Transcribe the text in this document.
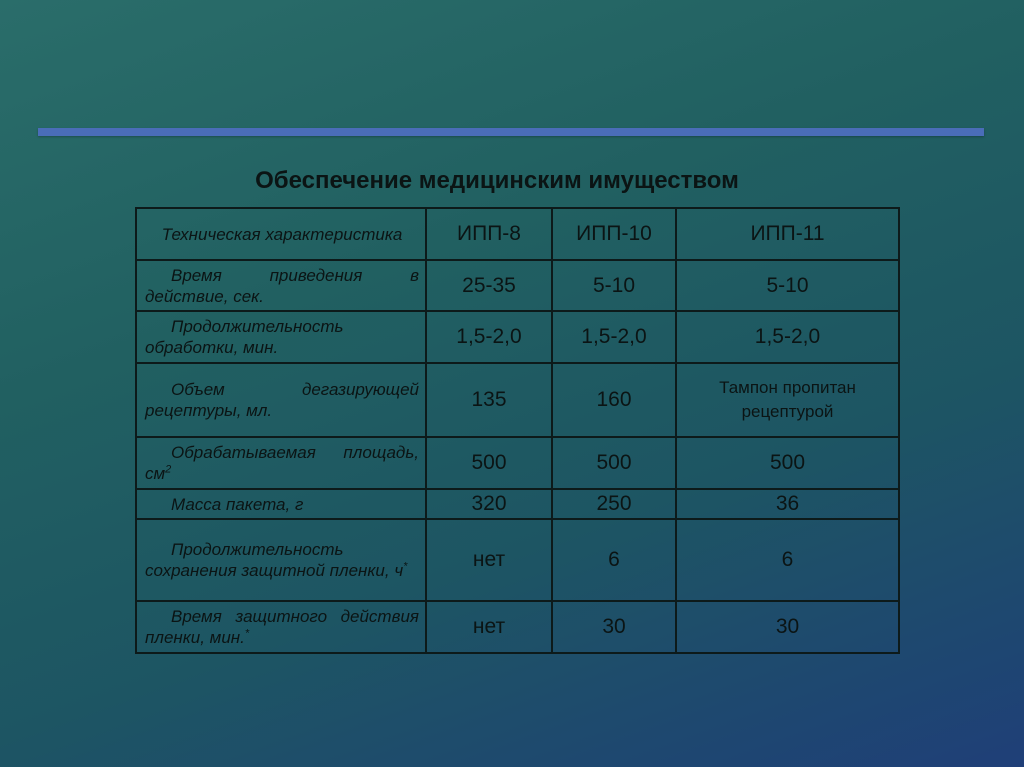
Обеспечение медицинским имуществом
Техническая характеристика	ИПП-8	ИПП-10	ИПП-11
Время приведения в действие, сек.	25-35	5-10	5-10
Продолжительность обработки, мин.	1,5-2,0	1,5-2,0	1,5-2,0
Объем дегазирующей рецептуры, мл.	135	160	Тампон пропитан рецептурой
Обрабатываемая площадь, $см^2$	500	500	500
Масса пакета, г	320	250	36
Продолжительность сохранения защитной пленки, ч*	нет	6	6
Время защитного действия пленки, мин.*	нет	30	30
